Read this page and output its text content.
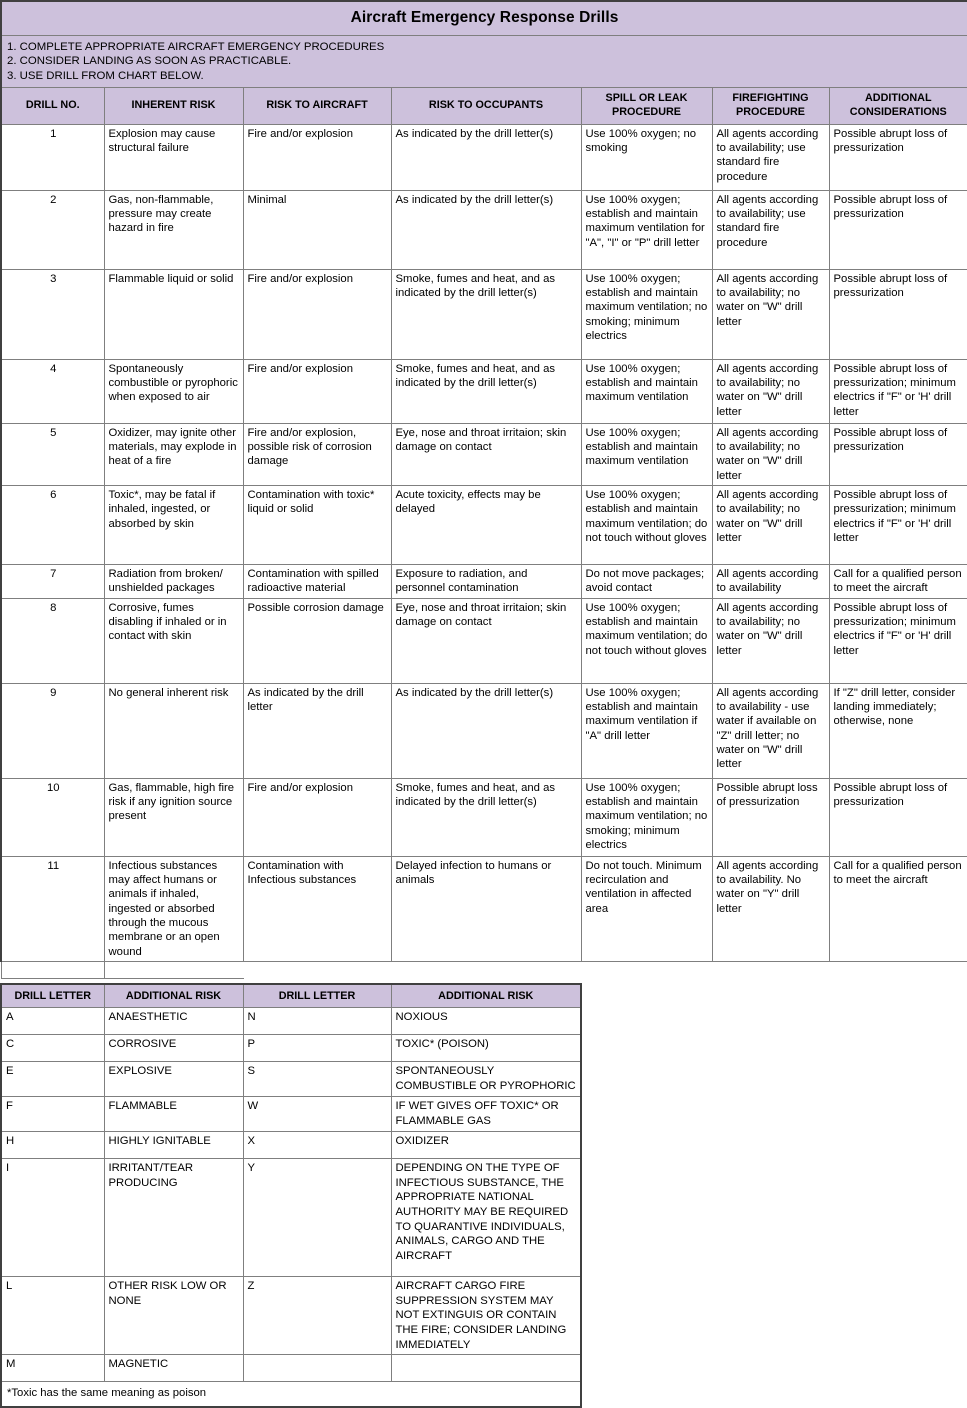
Aircraft Emergency Response Drills						

1. COMPLETE APPROPRIATE AIRCRAFT EMERGENCY PROCEDURES
2. CONSIDER LANDING AS SOON AS PRACTICABLE.
3. USE DRILL FROM CHART BELOW.						

DRILL NO.	INHERENT RISK	RISK TO AIRCRAFT	RISK TO OCCUPANTS	SPILL OR LEAK PROCEDURE	FIREFIGHTING PROCEDURE	ADDITIONAL CONSIDERATIONS
1	Explosion may cause structural failure	Fire and/or explosion	As indicated by the drill letter(s)	Use 100% oxygen; no smoking	All agents according to availability; use standard fire procedure	Possible abrupt loss of pressurization
2	Gas, non-flammable, pressure may create hazard in fire	Minimal	As indicated by the drill letter(s)	Use 100% oxygen; establish and maintain maximum ventilation for "A", "I" or "P" drill letter	All agents according to availability; use standard fire procedure	Possible abrupt loss of pressurization
3	Flammable liquid or solid	Fire and/or explosion	Smoke, fumes and heat, and as indicated by the drill letter(s)	Use 100% oxygen; establish and maintain maximum ventilation; no smoking; minimum electrics	All agents according to availability; no water on "W" drill letter	Possible abrupt loss of pressurization
4	Spontaneously combustible or pyrophoric when exposed to air	Fire and/or explosion	Smoke, fumes and heat, and as indicated by the drill letter(s)	Use 100% oxygen; establish and maintain maximum ventilation	All agents according to availability; no water on "W" drill letter	Possible abrupt loss of pressurization; minimum electrics if "F" or 'H' drill letter
5	Oxidizer, may ignite other materials, may explode in heat of a fire	Fire and/or explosion, possible risk of corrosion damage	Eye, nose and throat irritaion; skin damage on contact	Use 100% oxygen; establish and maintain maximum ventilation	All agents according to availability; no water on "W" drill letter	Possible abrupt loss of pressurization
6	Toxic*, may be fatal if inhaled, ingested, or absorbed by skin	Contamination with toxic* liquid or solid	Acute toxicity, effects may be delayed	Use 100% oxygen; establish and maintain maximum ventilation; do not touch without gloves	All agents according to availability; no water on "W" drill letter	Possible abrupt loss of pressurization; minimum electrics if "F" or 'H' drill letter
7	Radiation from broken/ unshielded packages	Contamination with spilled radioactive material	Exposure to radiation, and personnel contamination	Do not move packages; avoid contact	All agents according to availability	Call for a qualified person to meet the aircraft
8	Corrosive, fumes disabling if inhaled or in contact with skin	Possible corrosion damage	Eye, nose and throat irritaion; skin damage on contact	Use 100% oxygen; establish and maintain maximum ventilation; do not touch without gloves	All agents according to availability; no water on "W" drill letter	Possible abrupt loss of pressurization; minimum electrics if "F" or 'H' drill letter
9	No general inherent risk	As indicated by the drill letter	As indicated by the drill letter(s)	Use 100% oxygen; establish and maintain maximum ventilation if "A" drill letter	All agents according to availability - use water if available on "Z" drill letter; no water on "W" drill letter	If "Z" drill letter, consider landing immediately; otherwise, none
10	Gas, flammable, high fire risk if any ignition source present	Fire and/or explosion	Smoke, fumes and heat, and as indicated by the drill letter(s)	Use 100% oxygen; establish and maintain maximum ventilation; no smoking; minimum electrics	Possible abrupt loss of pressurization	Possible abrupt loss of pressurization
11	Infectious substances may affect humans or animals if inhaled, ingested or absorbed through the mucous membrane or an open wound	Contamination with Infectious substances	Delayed infection to humans or animals	Do not touch. Minimum recirculation and ventilation in affected area	All agents according to availability. No water on "Y" drill letter	Call for a qualified person to meet the aircraft

DRILL LETTER	ADDITIONAL RISK	DRILL LETTER	ADDITIONAL RISK
A	ANAESTHETIC	N	NOXIOUS
C	CORROSIVE	P	TOXIC* (POISON)
E	EXPLOSIVE	S	SPONTANEOUSLY COMBUSTIBLE OR PYROPHORIC
F	FLAMMABLE	W	IF WET GIVES OFF TOXIC* OR FLAMMABLE GAS
H	HIGHLY IGNITABLE	X	OXIDIZER
I	IRRITANT/TEAR PRODUCING	Y	DEPENDING ON THE TYPE OF INFECTIOUS SUBSTANCE, THE APPROPRIATE NATIONAL AUTHORITY MAY BE REQUIRED TO QUARANTIVE INDIVIDUALS, ANIMALS, CARGO AND THE AIRCRAFT
L	OTHER RISK LOW OR NONE	Z	AIRCRAFT CARGO FIRE SUPPRESSION SYSTEM MAY NOT EXTINGUIS OR CONTAIN THE FIRE; CONSIDER LANDING IMMEDIATELY
M	MAGNETIC		
*Toxic has the same meaning as poison			
